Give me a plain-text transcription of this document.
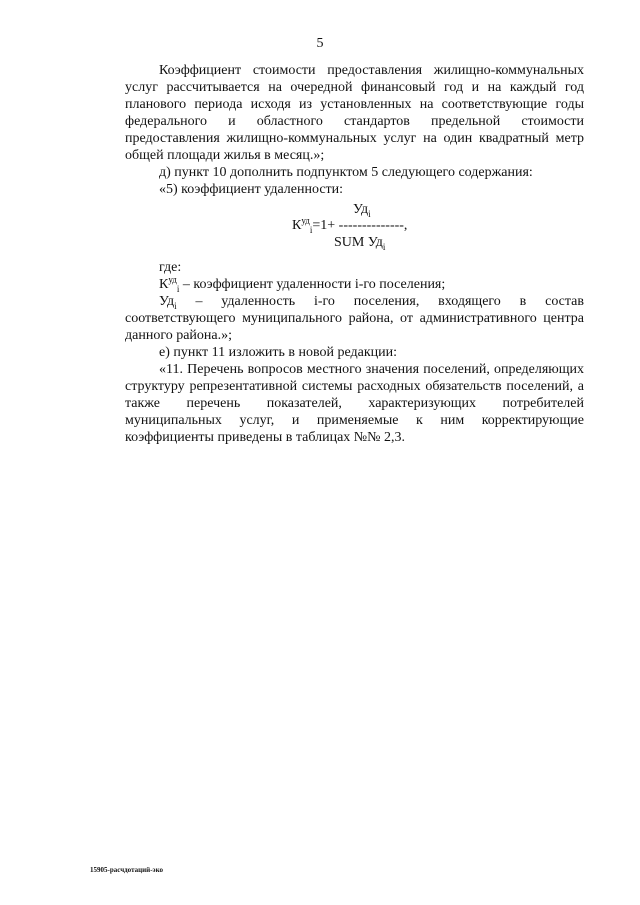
5

Коэффициент стоимости предоставления жилищно-коммунальных услуг рассчитывается на очередной финансовый год и на каждый год планового периода исходя из установленных на соответствующие годы федерального и областного стандартов предельной стоимости предоставления жилищно-коммунальных услуг на один квадратный метр общей площади жилья в месяц.»;

д) пункт 10 дополнить подпунктом 5 следующего содержания:

«5) коэффициент удаленности:

$Уд_i$
$К^{уд}_i=1+$ --------------,
SUM $Уд_i$

где:

$К^{уд}_i$ – коэффициент удаленности i-го поселения;

$Уд_i$ – удаленность i-го поселения, входящего в состав соответствующего муниципального района, от административного центра данного района.»;

е) пункт 11 изложить в новой редакции:

«11. Перечень вопросов местного значения поселений, определяющих структуру репрезентативной системы расходных обязательств поселений, а также перечень показателей, характеризующих потребителей муниципальных услуг, и применяемые к ним корректирующие коэффициенты приведены в таблицах №№ 2,3.

15905-расчдотаций-эко
